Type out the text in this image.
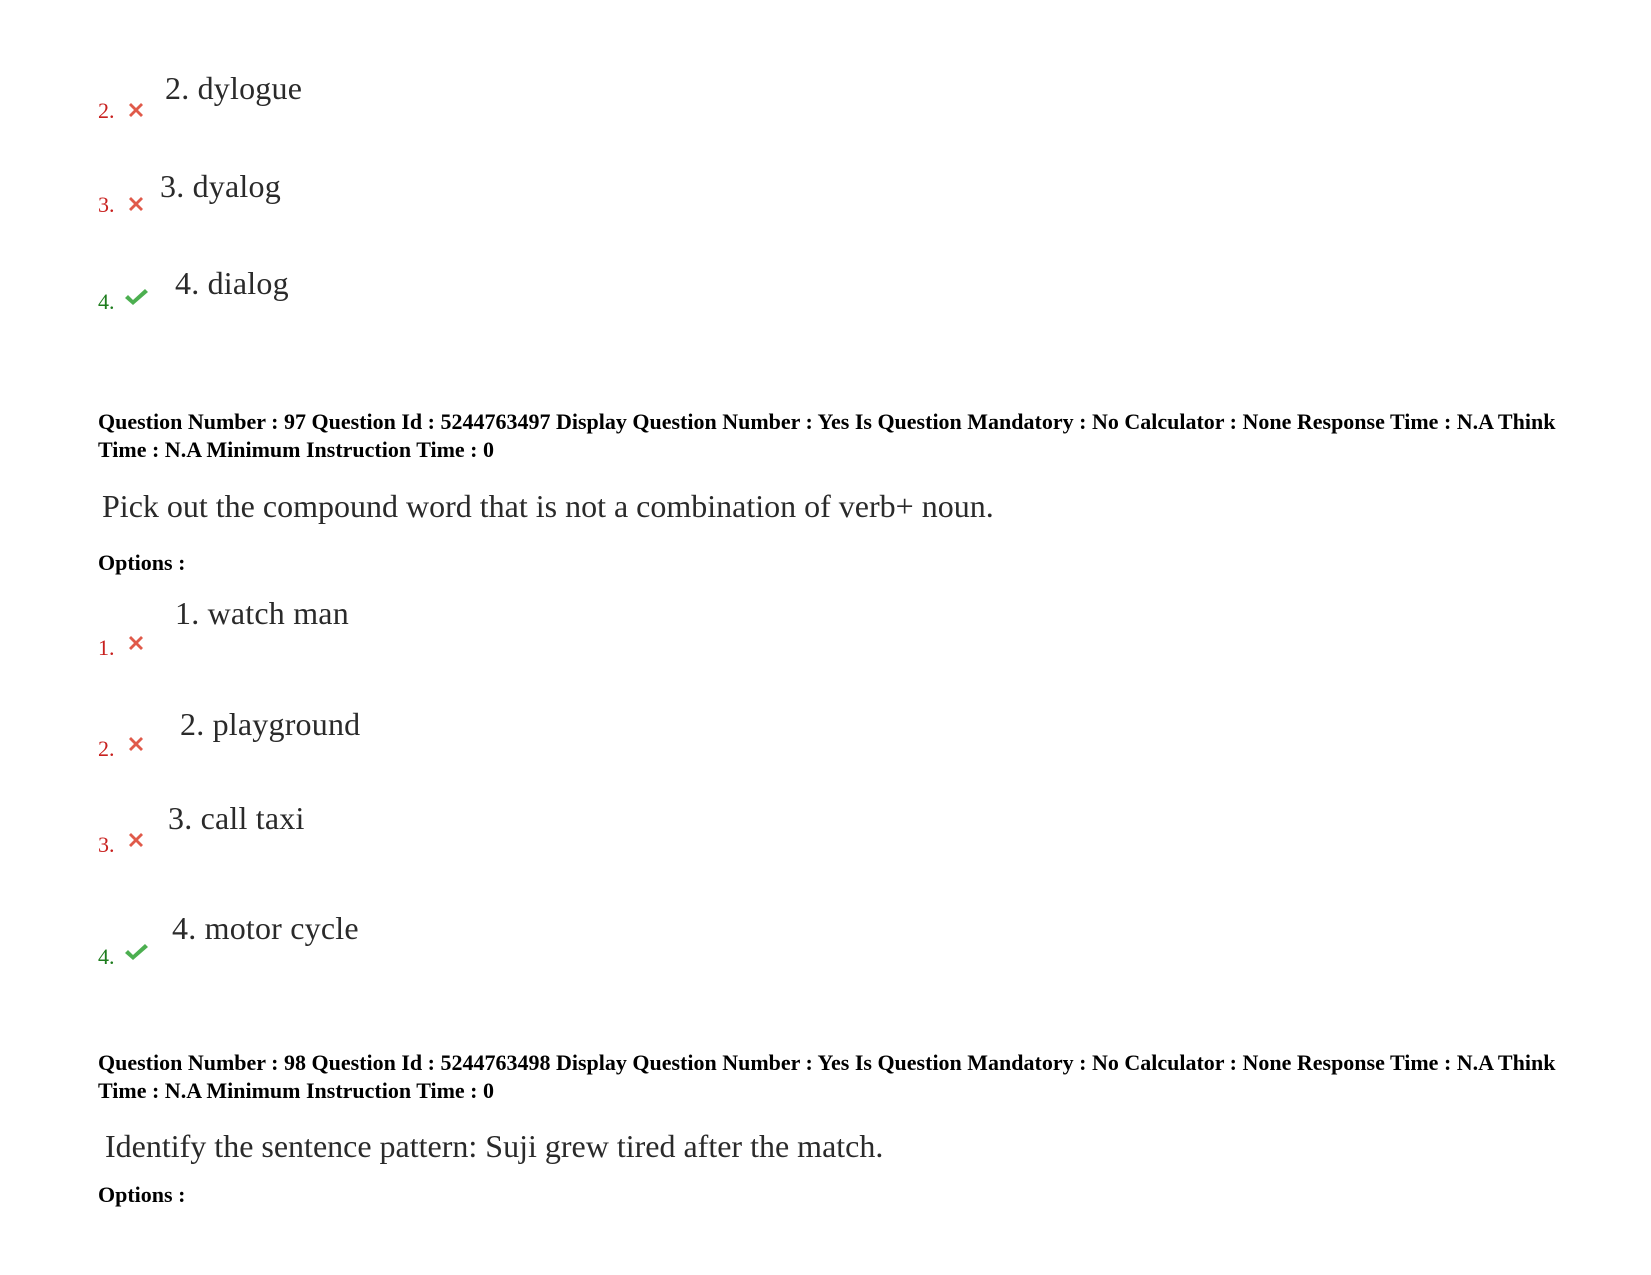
2.
2. dylogue
3.
3. dyalog
4.
4. dialog
Question Number : 97 Question Id : 5244763497 Display Question Number : Yes Is Question Mandatory : No Calculator : None Response Time : N.A Think Time : N.A Minimum Instruction Time : 0
Pick out the compound word that is not a combination of verb+ noun.
Options :
1.
1. watch man
2.
2. playground
3.
3. call taxi
4.
4. motor cycle
Question Number : 98 Question Id : 5244763498 Display Question Number : Yes Is Question Mandatory : No Calculator : None Response Time : N.A Think Time : N.A Minimum Instruction Time : 0
Identify the sentence pattern: Suji grew tired after the match.
Options :
